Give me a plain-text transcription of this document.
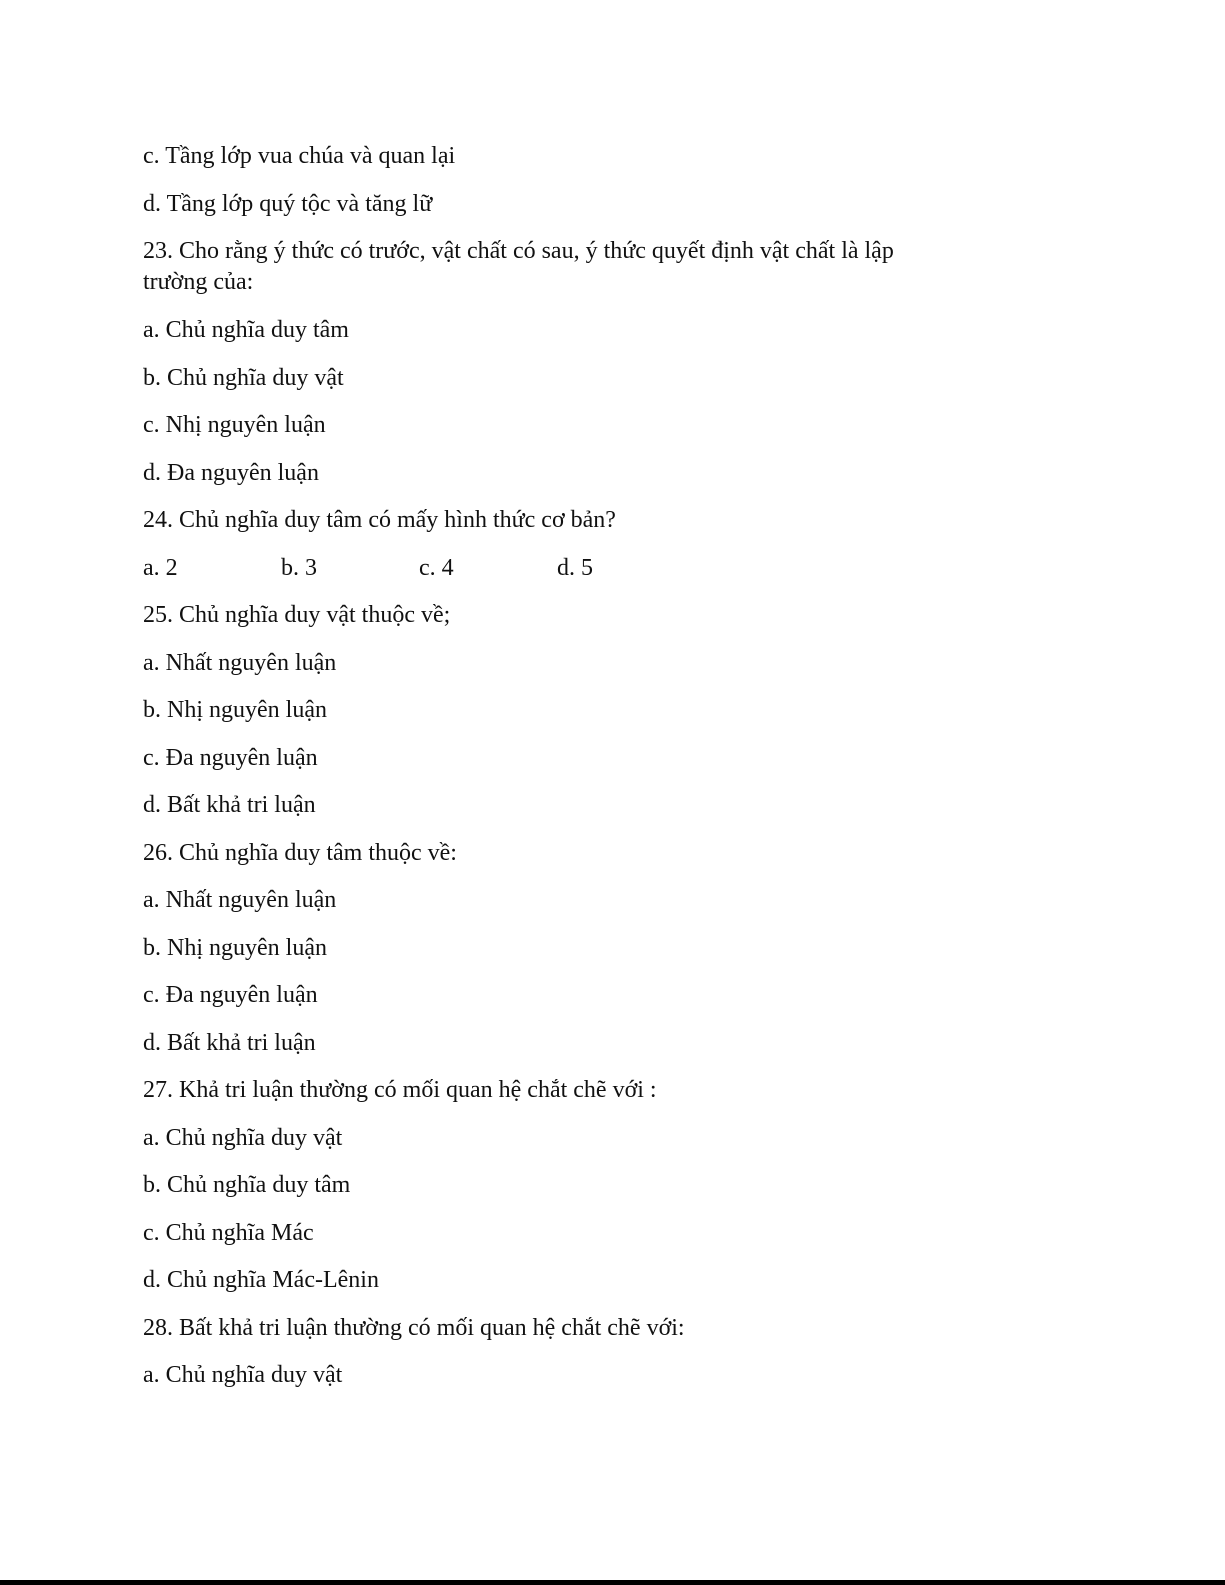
c. Tầng lớp vua chúa và quan lại
d. Tầng lớp quý tộc và tăng lữ
23. Cho rằng ý thức có trước, vật chất có sau, ý thức quyết định vật chất là lập trường của:
a. Chủ nghĩa duy tâm
b. Chủ nghĩa duy vật
c. Nhị nguyên luận
d. Đa nguyên luận
24. Chủ nghĩa duy tâm có mấy hình thức cơ bản?
a. 2	b. 3	c. 4	d. 5
25. Chủ nghĩa duy vật thuộc về;
a. Nhất nguyên luận
b. Nhị nguyên luận
c. Đa nguyên luận
d. Bất khả tri luận
26. Chủ nghĩa duy tâm thuộc về:
a. Nhất nguyên luận
b. Nhị nguyên luận
c. Đa nguyên luận
d. Bất khả tri luận
27. Khả tri luận thường có mối quan hệ chắt chẽ với :
a. Chủ nghĩa duy vật
b. Chủ nghĩa duy tâm
c. Chủ nghĩa Mác
d. Chủ nghĩa Mác-Lênin
28. Bất khả tri luận thường có mối quan hệ chắt chẽ với:
a. Chủ nghĩa duy vật
